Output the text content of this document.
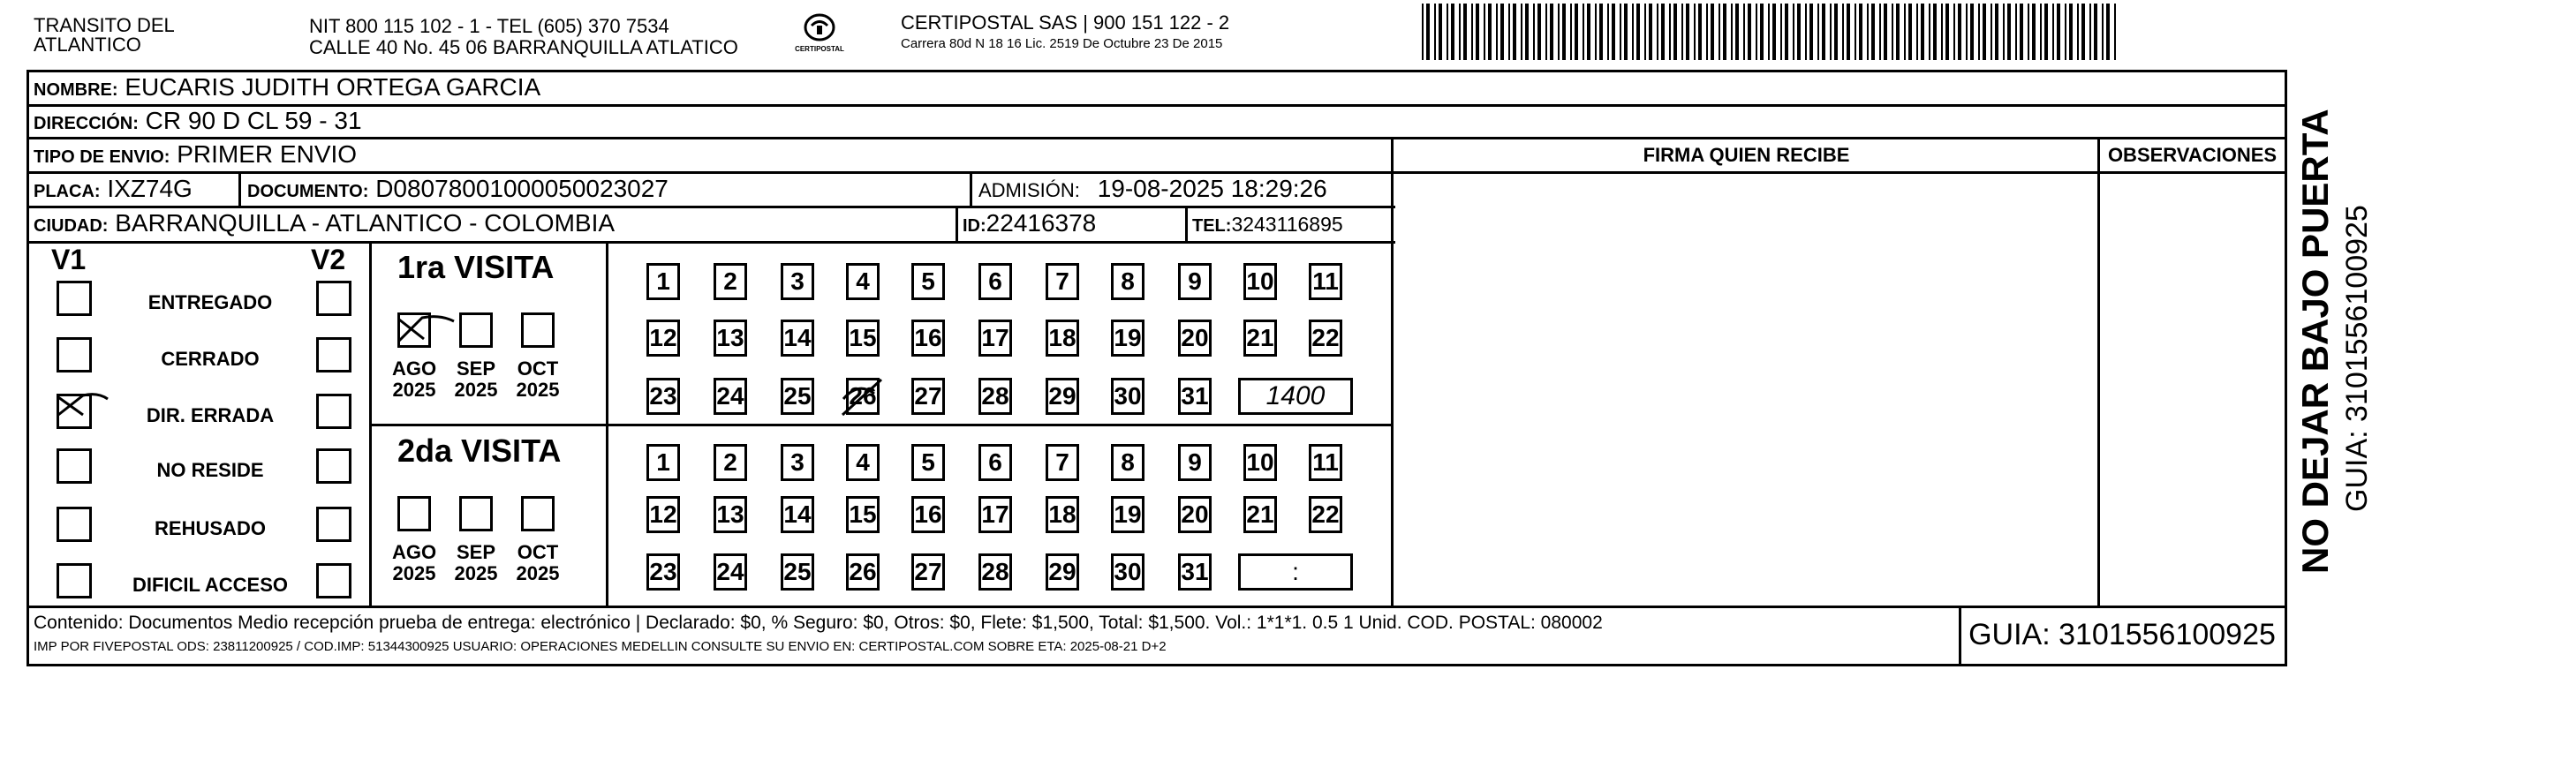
TRANSITO DEL
ATLANTICO
NIT 800 115 102 - 1 - TEL (605) 370 7534
CALLE 40 No. 45 06 BARRANQUILLA ATLATICO	CERTIPOSTAL
CERTIPOSTAL SAS | 900 151 122 - 2
Carrera 80d N 18 16 Lic. 2519 De Octubre 23 De 2015
NOMBRE: EUCARIS JUDITH ORTEGA GARCIA
DIRECCIÓN: CR 90 D CL 59 - 31
TIPO DE ENVIO: PRIMER ENVIO
PLACA: IXZ74G	DOCUMENTO: D08078001000050023027	ADMISIÓN: 19-08-2025 18:29:26
CIUDAD: BARRANQUILLA - ATLANTICO - COLOMBIA	ID:22416378	TEL:3243116895
FIRMA QUIEN RECIBE	OBSERVACIONES
V1	V2
ENTREGADO
CERRADO
DIR. ERRADA
NO RESIDE
REHUSADO
DIFICIL ACCESO
1ra VISITA
2da VISITA
AGO
2025
SEP
2025
OCT
2025
1	2	3	4	5	6	7	8	9	10 11
12 13 14 15 16 17 18 19 20 21 22
23 24 25 26 27 28 29 30 31	1400
AGO
2025
SEP
2025
OCT
2025
1	2	3	4	5	6	7	8	9	10 11
12 13 14 15 16 17 18 19 20 21 22
23 24 25 26 27 28 29 30 31	:
Contenido: Documentos Medio recepción prueba de entrega: electrónico | Declarado: $0, % Seguro: $0, Otros: $0, Flete: $1,500, Total: $1,500. Vol.: 1*1*1. 0.5 1 Unid. COD. POSTAL: 080002
IMP POR FIVEPOSTAL ODS: 23811200925 / COD.IMP: 51344300925 USUARIO: OPERACIONES MEDELLIN CONSULTE SU ENVIO EN: CERTIPOSTAL.COM SOBRE ETA: 2025-08-21 D+2	GUIA: 3101556100925
NO DEJAR BAJO PUERTA GUIA: 3101556100925
